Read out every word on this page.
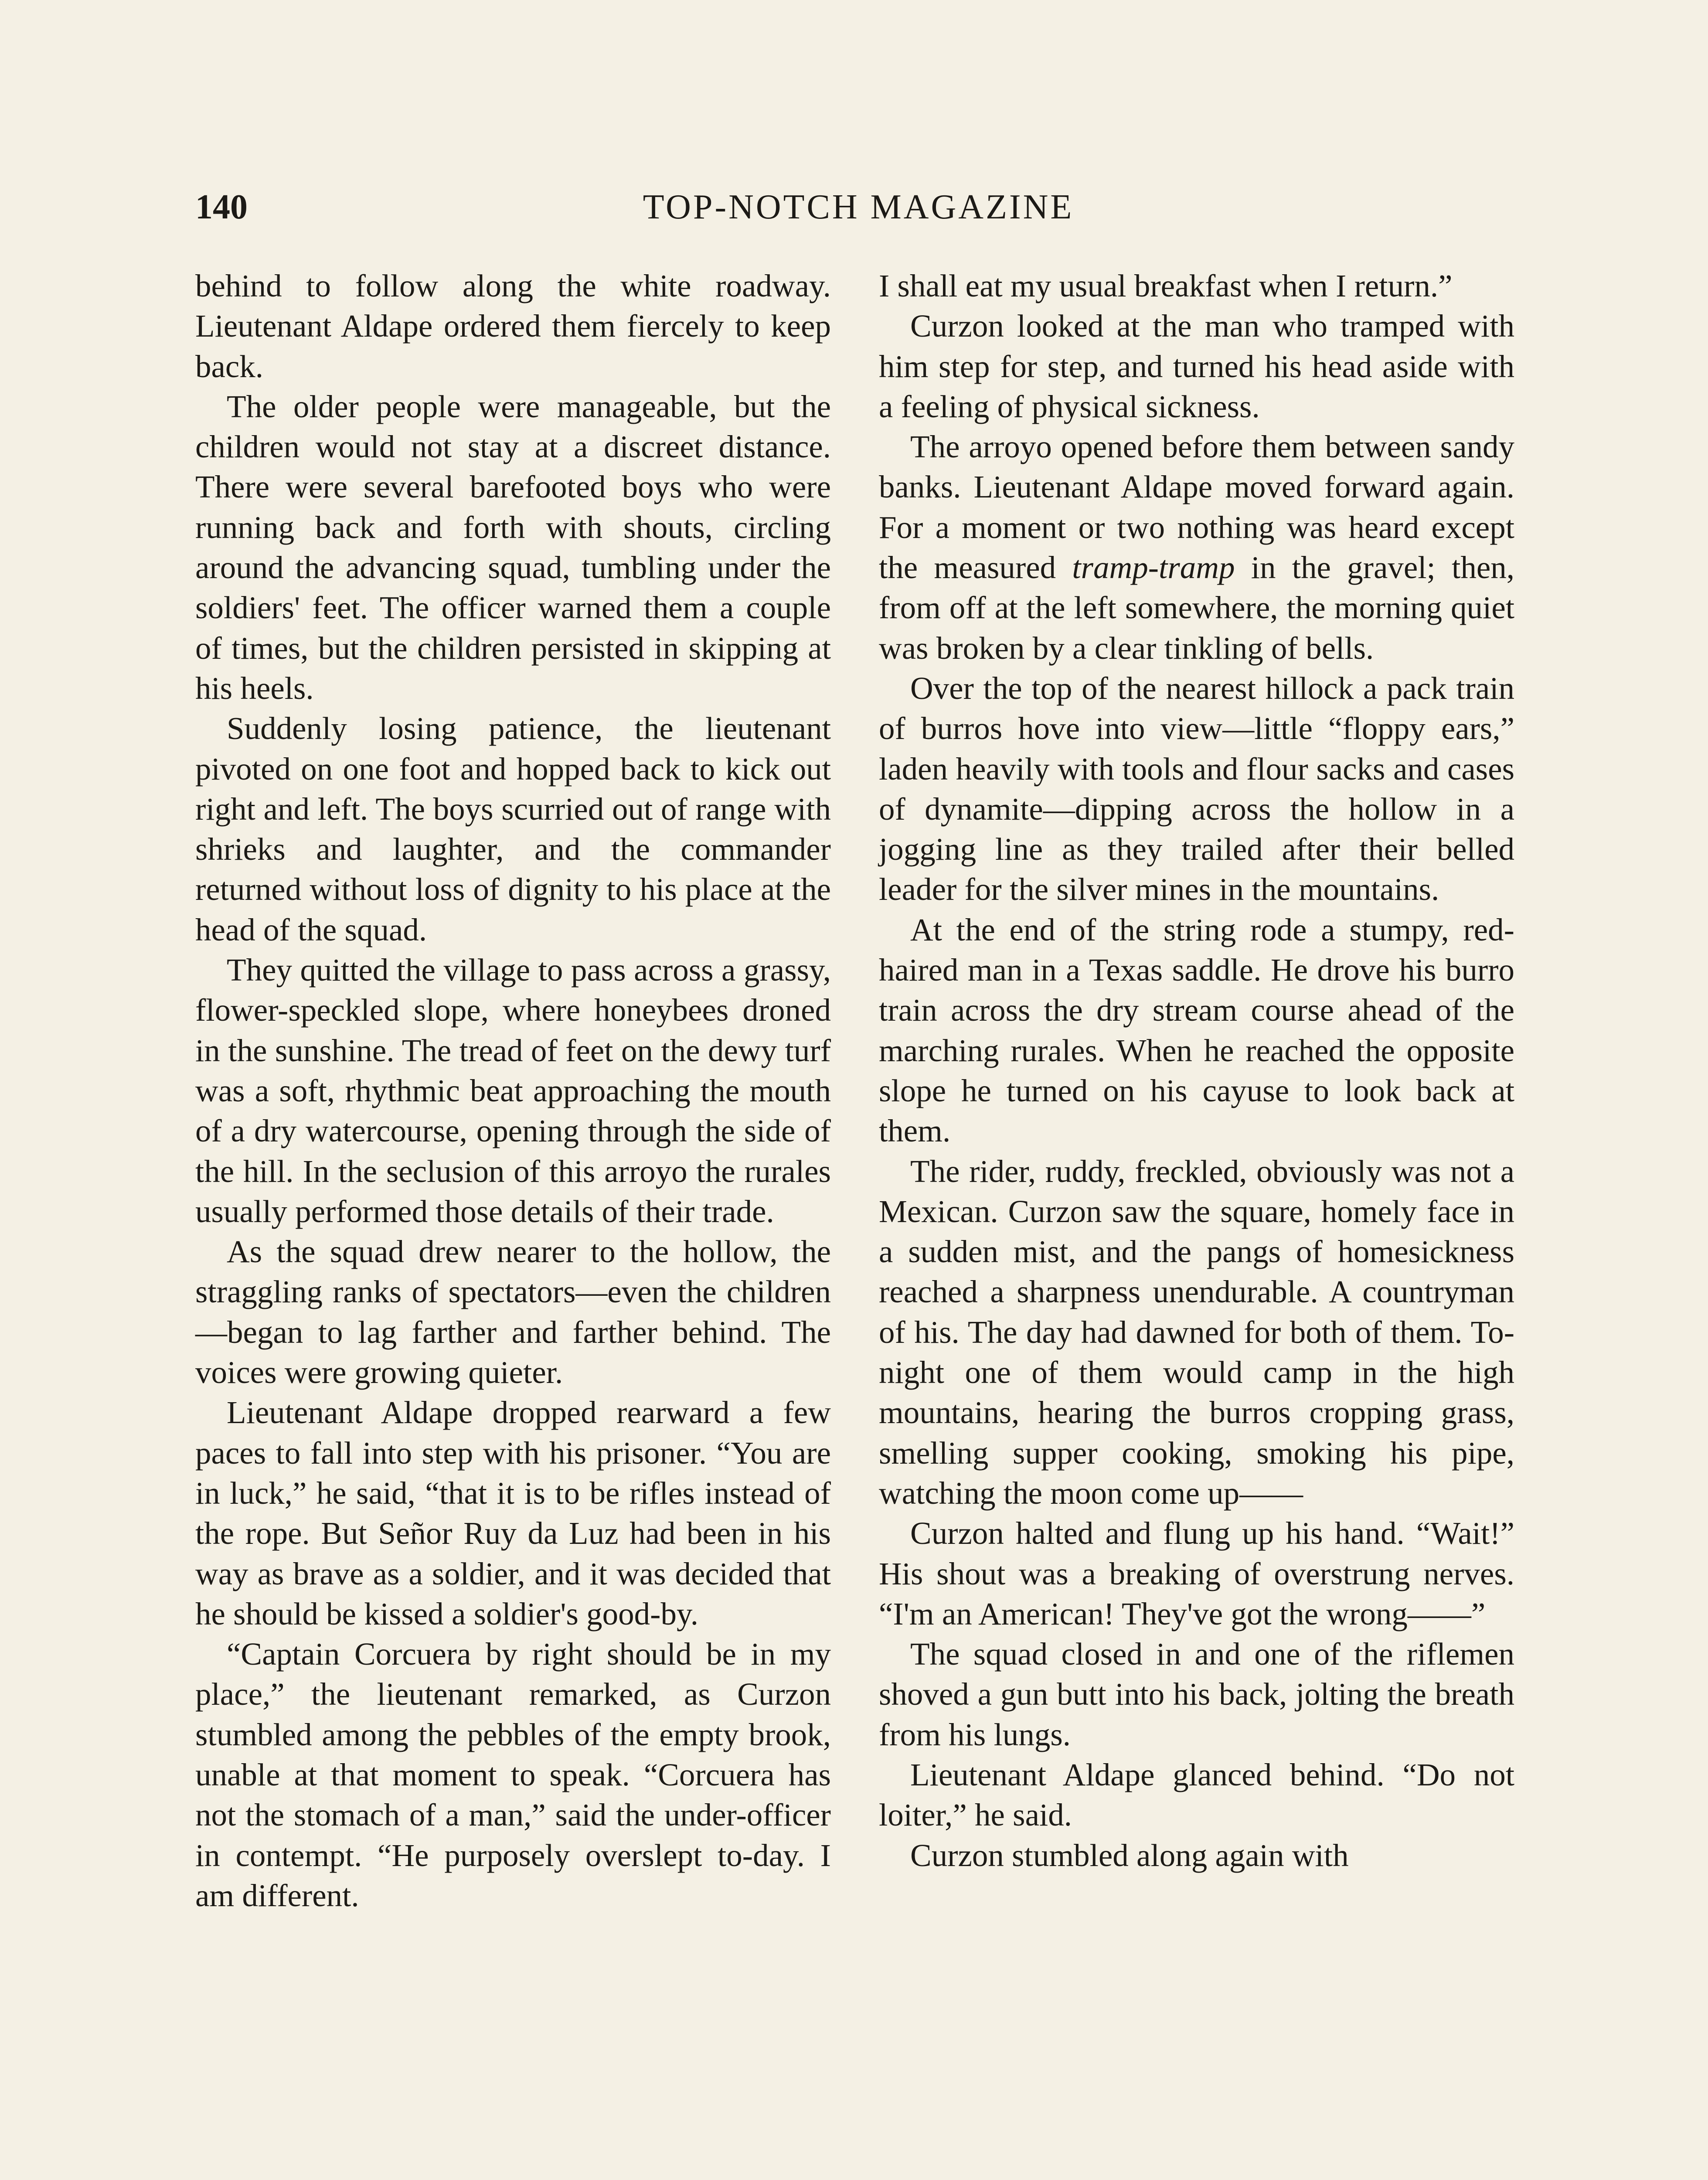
140	TOP-NOTCH MAGAZINE

behind to follow along the white roadway. Lieutenant Aldape ordered them fiercely to keep back.

The older people were manageable, but the children would not stay at a discreet distance. There were several barefooted boys who were running back and forth with shouts, circling around the advancing squad, tumbling under the soldiers' feet. The officer warned them a couple of times, but the children persisted in skipping at his heels.

Suddenly losing patience, the lieutenant pivoted on one foot and hopped back to kick out right and left. The boys scurried out of range with shrieks and laughter, and the commander returned without loss of dignity to his place at the head of the squad.

They quitted the village to pass across a grassy, flower-speckled slope, where honeybees droned in the sunshine. The tread of feet on the dewy turf was a soft, rhythmic beat approaching the mouth of a dry watercourse, opening through the side of the hill. In the seclusion of this arroyo the rurales usually performed those details of their trade.

As the squad drew nearer to the hollow, the straggling ranks of spectators—even the children—began to lag farther and farther behind. The voices were growing quieter.

Lieutenant Aldape dropped rearward a few paces to fall into step with his prisoner. “You are in luck,” he said, “that it is to be rifles instead of the rope. But Señor Ruy da Luz had been in his way as brave as a soldier, and it was decided that he should be kissed a soldier's good-by.

“Captain Corcuera by right should be in my place,” the lieutenant remarked, as Curzon stumbled among the pebbles of the empty brook, unable at that moment to speak. “Corcuera has not the stomach of a man,” said the under-officer in contempt. “He purposely overslept to-day. I am different.

I shall eat my usual breakfast when I return.”

Curzon looked at the man who tramped with him step for step, and turned his head aside with a feeling of physical sickness.

The arroyo opened before them between sandy banks. Lieutenant Aldape moved forward again. For a moment or two nothing was heard except the measured tramp-tramp in the gravel; then, from off at the left somewhere, the morning quiet was broken by a clear tinkling of bells.

Over the top of the nearest hillock a pack train of burros hove into view—little “floppy ears,” laden heavily with tools and flour sacks and cases of dynamite—dipping across the hollow in a jogging line as they trailed after their belled leader for the silver mines in the mountains.

At the end of the string rode a stumpy, red-haired man in a Texas saddle. He drove his burro train across the dry stream course ahead of the marching rurales. When he reached the opposite slope he turned on his cayuse to look back at them.

The rider, ruddy, freckled, obviously was not a Mexican. Curzon saw the square, homely face in a sudden mist, and the pangs of homesickness reached a sharpness unendurable. A countryman of his. The day had dawned for both of them. To-night one of them would camp in the high mountains, hearing the burros cropping grass, smelling supper cooking, smoking his pipe, watching the moon come up——

Curzon halted and flung up his hand. “Wait!” His shout was a breaking of overstrung nerves. “I'm an American! They've got the wrong——”

The squad closed in and one of the riflemen shoved a gun butt into his back, jolting the breath from his lungs.

Lieutenant Aldape glanced behind. “Do not loiter,” he said.

Curzon stumbled along again with
